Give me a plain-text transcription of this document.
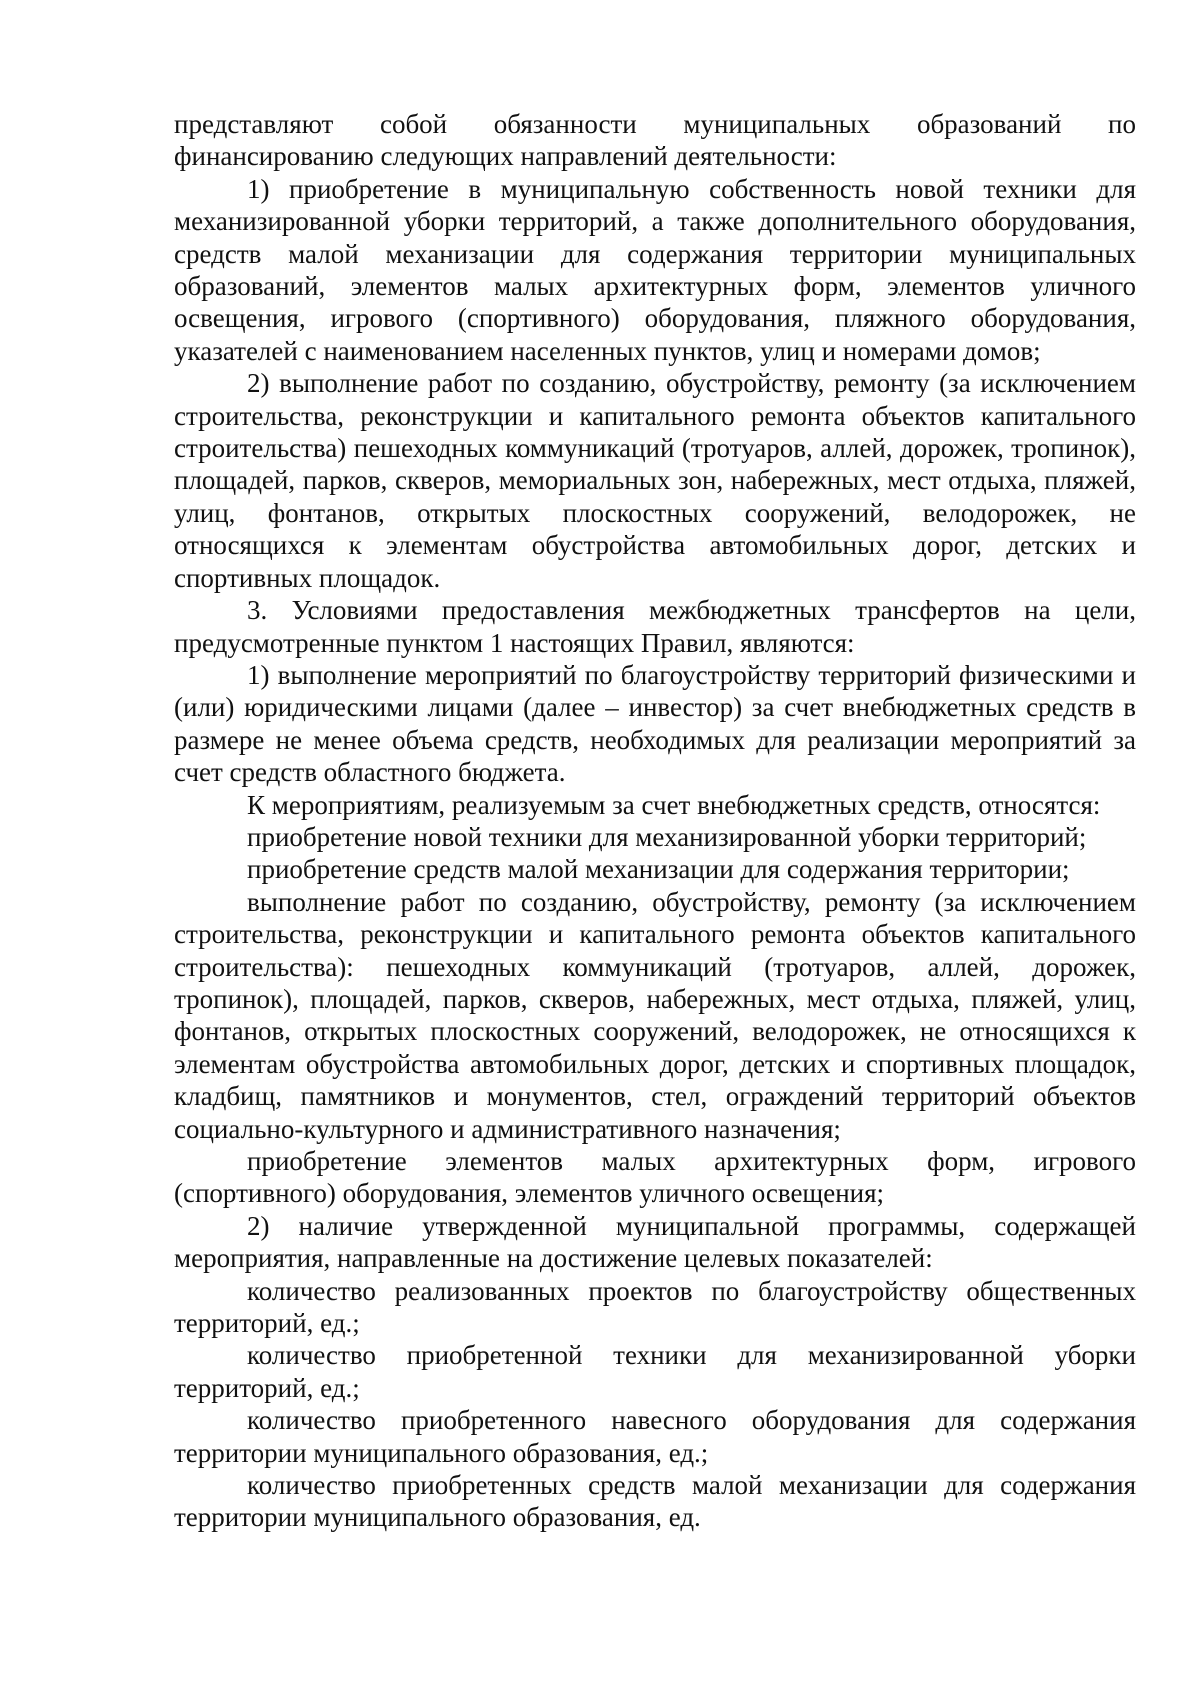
представляют собой обязанности муниципальных образований по финансированию следующих направлений деятельности:

1) приобретение в муниципальную собственность новой техники для механизированной уборки территорий, а также дополнительного оборудования, средств малой механизации для содержания территории муниципальных образований, элементов малых архитектурных форм, элементов уличного освещения, игрового (спортивного) оборудования, пляжного оборудования, указателей с наименованием населенных пунктов, улиц и номерами домов;

2) выполнение работ по созданию, обустройству, ремонту (за исключением строительства, реконструкции и капитального ремонта объектов капитального строительства) пешеходных коммуникаций (тротуаров, аллей, дорожек, тропинок), площадей, парков, скверов, мемориальных зон, набережных, мест отдыха, пляжей, улиц, фонтанов, открытых плоскостных сооружений, велодорожек, не относящихся к элементам обустройства автомобильных дорог, детских и спортивных площадок.

3. Условиями предоставления межбюджетных трансфертов на цели, предусмотренные пунктом 1 настоящих Правил, являются:

1) выполнение мероприятий по благоустройству территорий физическими и (или) юридическими лицами (далее – инвестор) за счет внебюджетных средств в размере не менее объема средств, необходимых для реализации мероприятий за счет средств областного бюджета.

К мероприятиям, реализуемым за счет внебюджетных средств, относятся:

приобретение новой техники для механизированной уборки территорий;

приобретение средств малой механизации для содержания территории;

выполнение работ по созданию, обустройству, ремонту (за исключением строительства, реконструкции и капитального ремонта объектов капитального строительства): пешеходных коммуникаций (тротуаров, аллей, дорожек, тропинок), площадей, парков, скверов, набережных, мест отдыха, пляжей, улиц, фонтанов, открытых плоскостных сооружений, велодорожек, не относящихся к элементам обустройства автомобильных дорог, детских и спортивных площадок, кладбищ, памятников и монументов, стел, ограждений территорий объектов социально-культурного и административного назначения;

приобретение элементов малых архитектурных форм, игрового (спортивного) оборудования, элементов уличного освещения;

2) наличие утвержденной муниципальной программы, содержащей мероприятия, направленные на достижение целевых показателей:

количество реализованных проектов по благоустройству общественных территорий, ед.;

количество приобретенной техники для механизированной уборки территорий, ед.;

количество приобретенного навесного оборудования для содержания территории муниципального образования, ед.;

количество приобретенных средств малой механизации для содержания территории муниципального образования, ед.
